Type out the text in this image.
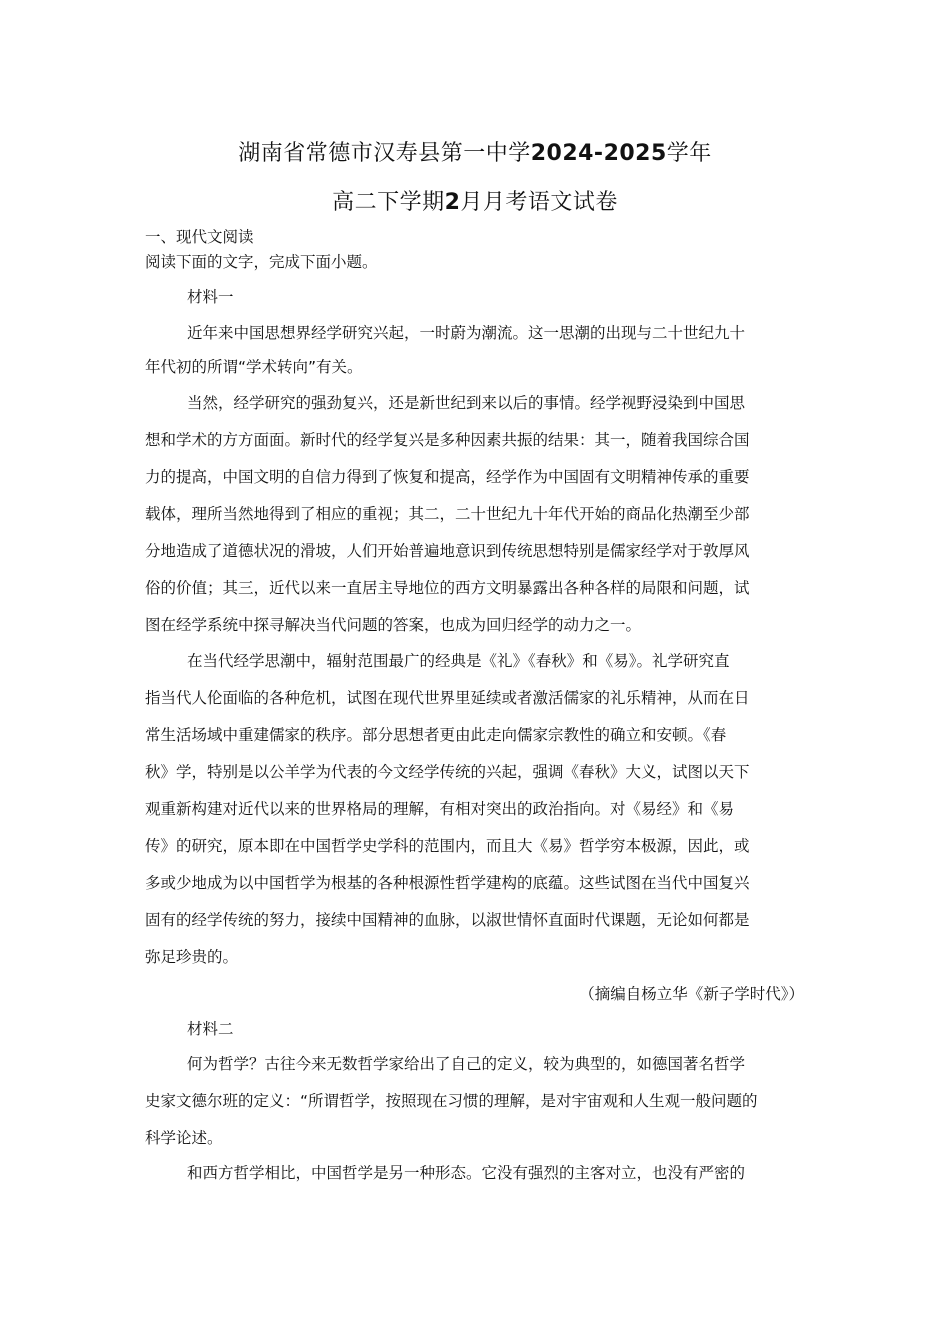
湖南省常德市汉寿县第一中学2024-2025学年
高二下学期2月月考语文试卷
一、现代文阅读
阅读下面的文字，完成下面小题。
材料一
近年来中国思想界经学研究兴起，一时蔚为潮流。这一思潮的出现与二十世纪九十
年代初的所谓“学术转向”有关。
当然，经学研究的强劲复兴，还是新世纪到来以后的事情。经学视野浸染到中国思
想和学术的方方面面。新时代的经学复兴是多种因素共振的结果：其一，随着我国综合国
力的提高，中国文明的自信力得到了恢复和提高，经学作为中国固有文明精神传承的重要
载体，理所当然地得到了相应的重视；其二，二十世纪九十年代开始的商品化热潮至少部
分地造成了道德状况的滑坡，人们开始普遍地意识到传统思想特别是儒家经学对于敦厚风
俗的价值；其三，近代以来一直居主导地位的西方文明暴露出各种各样的局限和问题，试
图在经学系统中探寻解决当代问题的答案，也成为回归经学的动力之一。
在当代经学思潮中，辐射范围最广的经典是《礼》《春秋》和《易》。礼学研究直
指当代人伦面临的各种危机，试图在现代世界里延续或者激活儒家的礼乐精神，从而在日
常生活场域中重建儒家的秩序。部分思想者更由此走向儒家宗教性的确立和安顿。《春
秋》学，特别是以公羊学为代表的今文经学传统的兴起，强调《春秋》大义，试图以天下
观重新构建对近代以来的世界格局的理解，有相对突出的政治指向。对《易经》和《易
传》的研究，原本即在中国哲学史学科的范围内，而且大《易》哲学穷本极源，因此，或
多或少地成为以中国哲学为根基的各种根源性哲学建构的底蕴。这些试图在当代中国复兴
固有的经学传统的努力，接续中国精神的血脉，以淑世情怀直面时代课题，无论如何都是
弥足珍贵的。
（摘编自杨立华《新子学时代》）
材料二
何为哲学？古往今来无数哲学家给出了自己的定义，较为典型的，如德国著名哲学
史家文德尔班的定义：“所谓哲学，按照现在习惯的理解，是对宇宙观和人生观一般问题的
科学论述。
和西方哲学相比，中国哲学是另一种形态。它没有强烈的主客对立，也没有严密的
